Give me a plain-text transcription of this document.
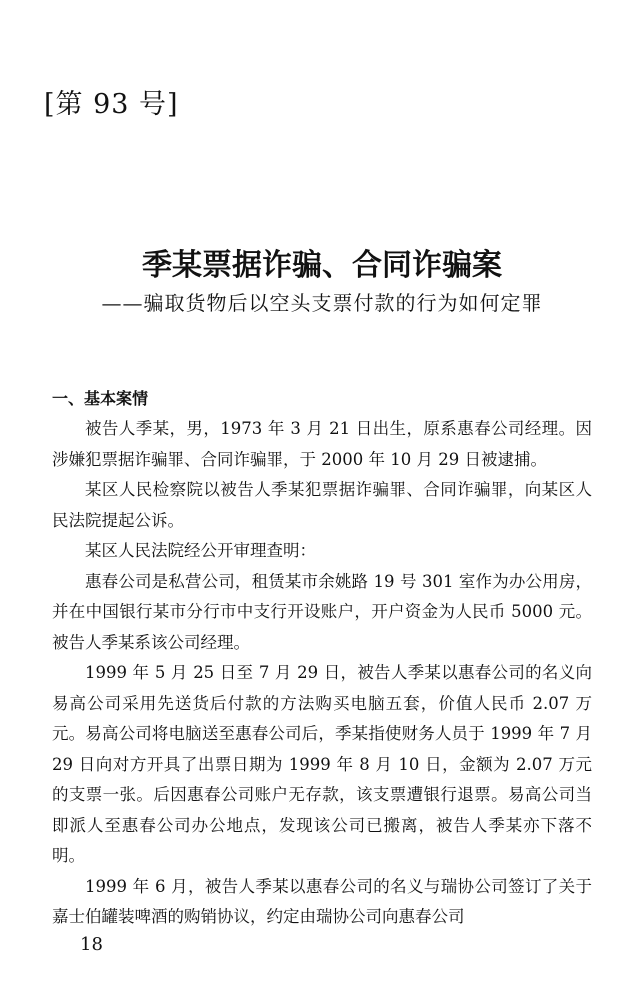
[第 93 号]
季某票据诈骗、合同诈骗案
——骗取货物后以空头支票付款的行为如何定罪
一、基本案情

被告人季某，男，1973 年 3 月 21 日出生，原系惠春公司经理。因涉嫌犯票据诈骗罪、合同诈骗罪，于 2000 年 10 月 29 日被逮捕。

某区人民检察院以被告人季某犯票据诈骗罪、合同诈骗罪，向某区人民法院提起公诉。

某区人民法院经公开审理查明：

惠春公司是私营公司，租赁某市余姚路 19 号 301 室作为办公用房，并在中国银行某市分行市中支行开设账户，开户资金为人民币 5000 元。被告人季某系该公司经理。

1999 年 5 月 25 日至 7 月 29 日，被告人季某以惠春公司的名义向易高公司采用先送货后付款的方法购买电脑五套，价值人民币 2.07 万元。易高公司将电脑送至惠春公司后，季某指使财务人员于 1999 年 7 月 29 日向对方开具了出票日期为 1999 年 8 月 10 日，金额为 2.07 万元的支票一张。后因惠春公司账户无存款，该支票遭银行退票。易高公司当即派人至惠春公司办公地点，发现该公司已搬离，被告人季某亦下落不明。

1999 年 6 月，被告人季某以惠春公司的名义与瑞协公司签订了关于嘉士伯罐装啤酒的购销协议，约定由瑞协公司向惠春公司

18
